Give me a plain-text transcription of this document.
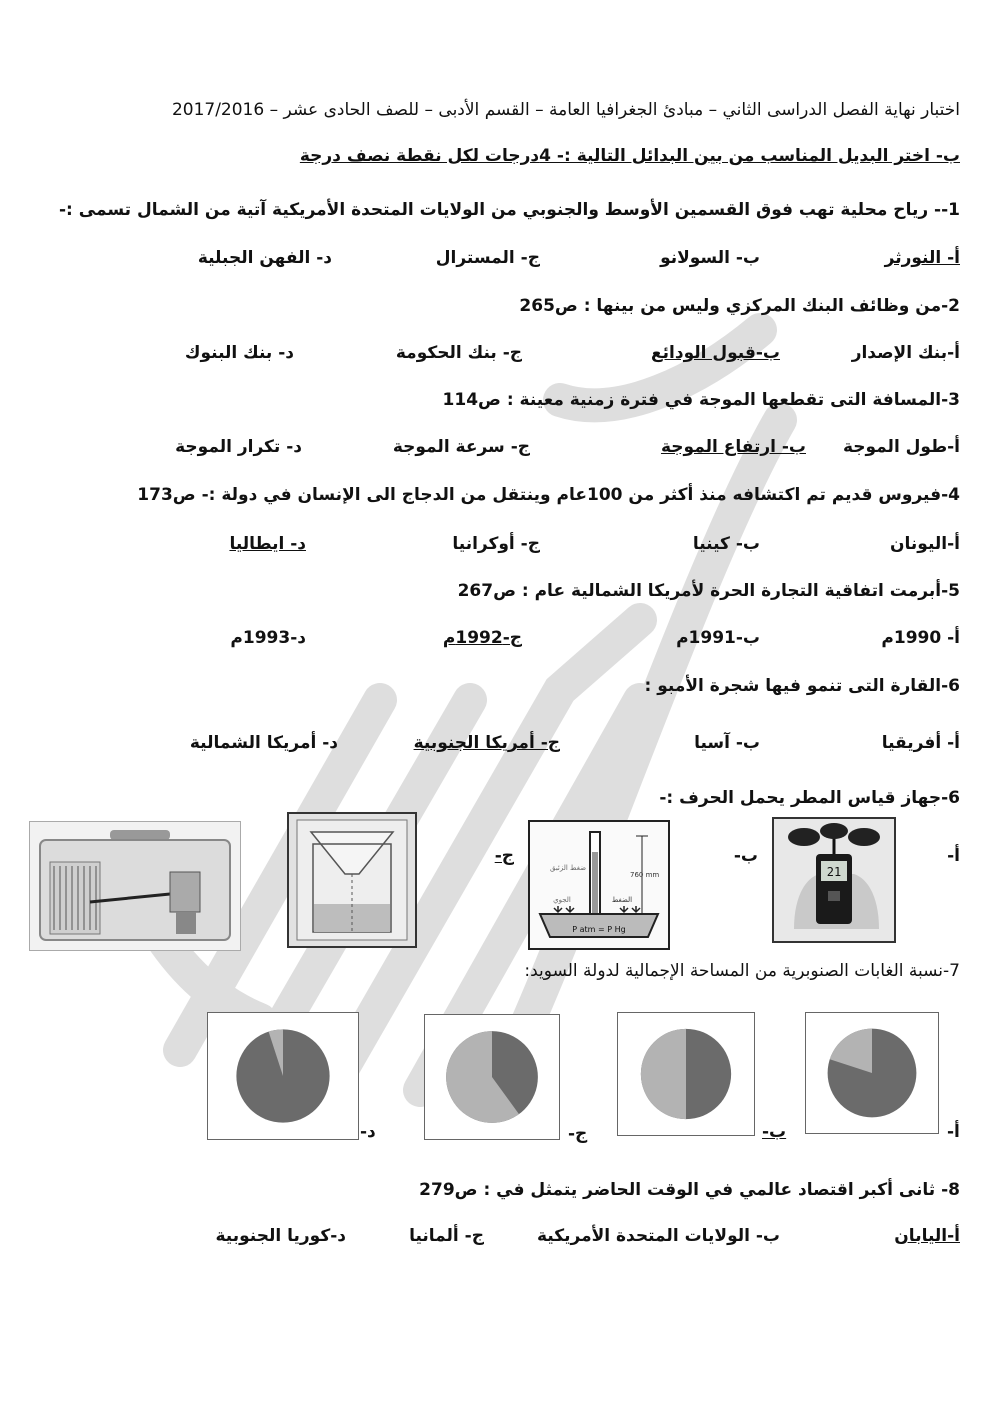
اختبار نهاية الفصل الدراسى الثاني – مبادئ الجغرافيا العامة – القسم الأدبى – للصف الحادى عشر – 2017/2016
ب- اختر البديل المناسب من بين البدائل التالية :- 4درجات لكل نقطة نصف درجة
1-- رياح محلية تهب فوق القسمين الأوسط والجنوبي من الولايات المتحدة الأمريكية آتية من الشمال تسمى :-
أ- النورثر
ب- السولانو
ج- المسترال
د- الفهن الجبلية
2-من وظائف البنك المركزي وليس من بينها : ص265
أ-بنك الإصدار
ب-قبول الودائع
ج- بنك الحكومة
د- بنك البنوك
3-المسافة التى تقطعها الموجة في فترة زمنية معينة : ص114
أ-طول الموجة
ب- ارتفاع الموجة
ج- سرعة الموجة
د- تكرار الموجة
4-فيروس قديم تم اكتشافه منذ أكثر من 100عام وينتقل من الدجاج الى الإنسان في دولة :- ص173
أ-اليونان
ب- كينيا
ج- أوكرانيا
د- ايطاليا
5-أبرمت اتفاقية التجارة الحرة لأمريكا الشمالية عام : ص267
أ- 1990م
ب-1991م
ج-1992م
د-1993م
6-القارة التى تنمو فيها شجرة الأمبو :
أ- أفريقيا
ب- آسيا
ج- أمريكا الجنوبية
د- أمريكا الشمالية
6-جهاز قياس المطر يحمل الحرف :-
أ-
ب-
ج-
21
760 mm
ضغط الزئبق
الجوي	الضغط
P atm = P Hg
7-نسبة الغابات الصنوبرية من المساحة الإجمالية لدولة السويد:
أ-
ب-
ج-
د-
8- ثانى أكبر اقتصاد عالمي في الوقت الحاضر يتمثل في : ص279
أ-اليابان
ب- الولايات المتحدة الأمريكية
ج- ألمانيا
د-كوريا الجنوبية
